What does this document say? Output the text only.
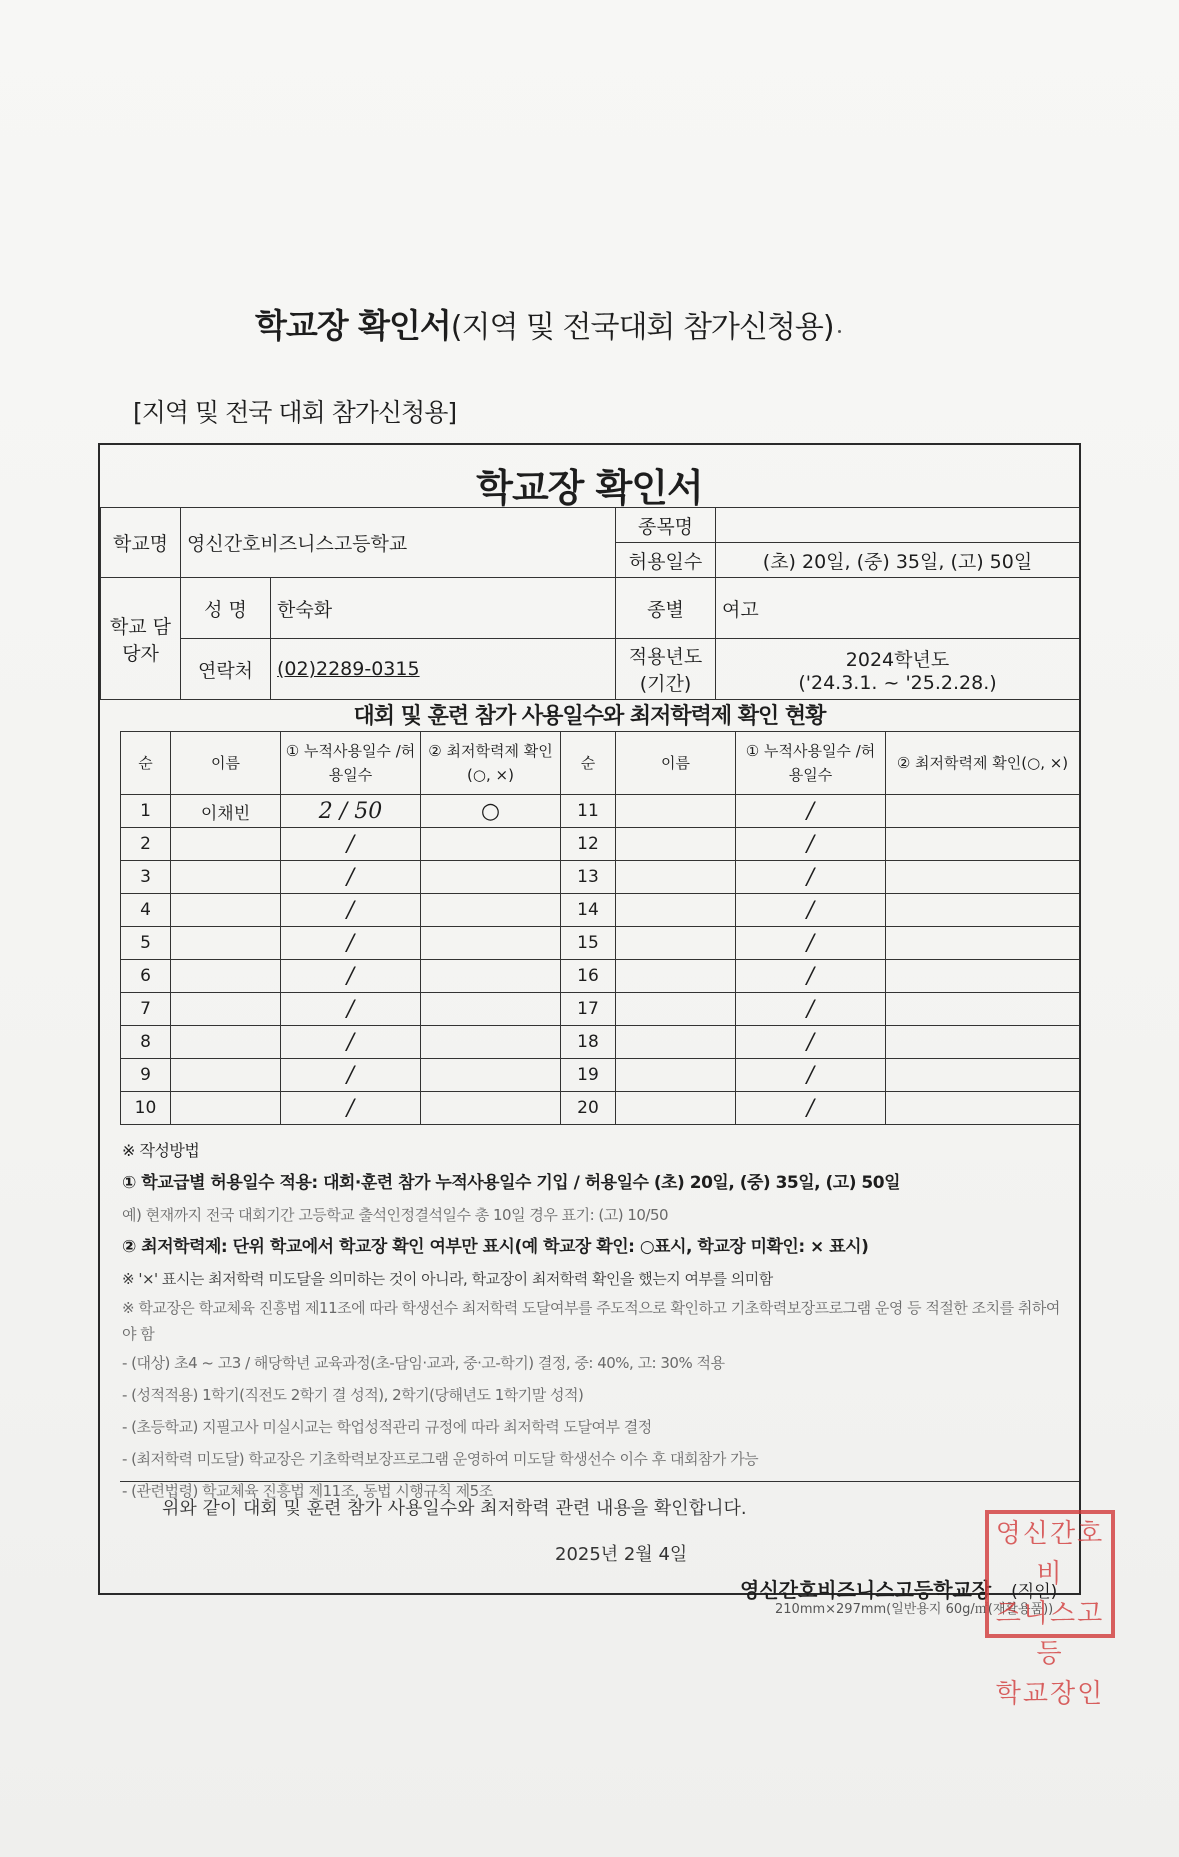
학교장 확인서(지역 및 전국대회 참가신청용)
[지역 및 전국 대회 참가신청용]
학교장 확인서
학교명	영신간호비즈니스고등학교		종목명	
			허용일수	(초) 20일, (중) 35일, (고) 50일
학교 담당자	성 명	한숙화	종별	여고
	연락처	(02)2289-0315	적용년도 (기간)	2024학년도
('24.3.1. ~ '25.2.28.)
대회 및 훈련 참가 사용일수와 최저학력제 확인 현황
순	이름	① 누적사용일수 /허용일수	② 최저학력제 확인(○, ×)	순	이름	① 누적사용일수 /허용일수	② 최저학력제 확인(○, ×)
1	이채빈	2 / 50	○	11		/	
2		/		12		/	
3		/		13		/	
4		/		14		/	
5		/		15		/	
6		/		16		/	
7		/		17		/	
8		/		18		/	
9		/		19		/	
10		/		20		/	
※ 작성방법
① 학교급별 허용일수 적용: 대회·훈련 참가 누적사용일수 기입 / 허용일수 (초) 20일, (중) 35일, (고) 50일
예) 현재까지 전국 대회기간 고등학교 출석인정결석일수 총 10일 경우 표기: (고) 10/50
② 최저학력제: 단위 학교에서 학교장 확인 여부만 표시(예 학교장 확인: ○표시, 학교장 미확인: × 표시)
※ '×' 표시는 최저학력 미도달을 의미하는 것이 아니라, 학교장이 최저학력 확인을 했는지 여부를 의미함
※ 학교장은 학교체육 진흥법 제11조에 따라 학생선수 최저학력 도달여부를 주도적으로 확인하고 기초학력보장프로그램 운영 등 적절한 조치를 취하여야 함
- (대상) 초4 ~ 고3 / 해당학년 교육과정(초-담임·교과, 중·고-학기) 결정, 중: 40%, 고: 30% 적용
- (성적적용) 1학기(직전도 2학기 결 성적), 2학기(당해년도 1학기말 성적)
- (초등학교) 지필고사 미실시교는 학업성적관리 규정에 따라 최저학력 도달여부 결정
- (최저학력 미도달) 학교장은 기초학력보장프로그램 운영하여 미도달 학생선수 이수 후 대회참가 가능
- (관련법령) 학교체육 진흥법 제11조, 동법 시행규칙 제5조
위와 같이 대회 및 훈련 참가 사용일수와 최저학력 관련 내용을 확인합니다.
2025년 2월 4일
영신간호비즈니스고등학교장 (직인)
210mm×297mm(일반용지 60g/㎡(재활용품))
영신간호비
즈니스고등
학교장인
